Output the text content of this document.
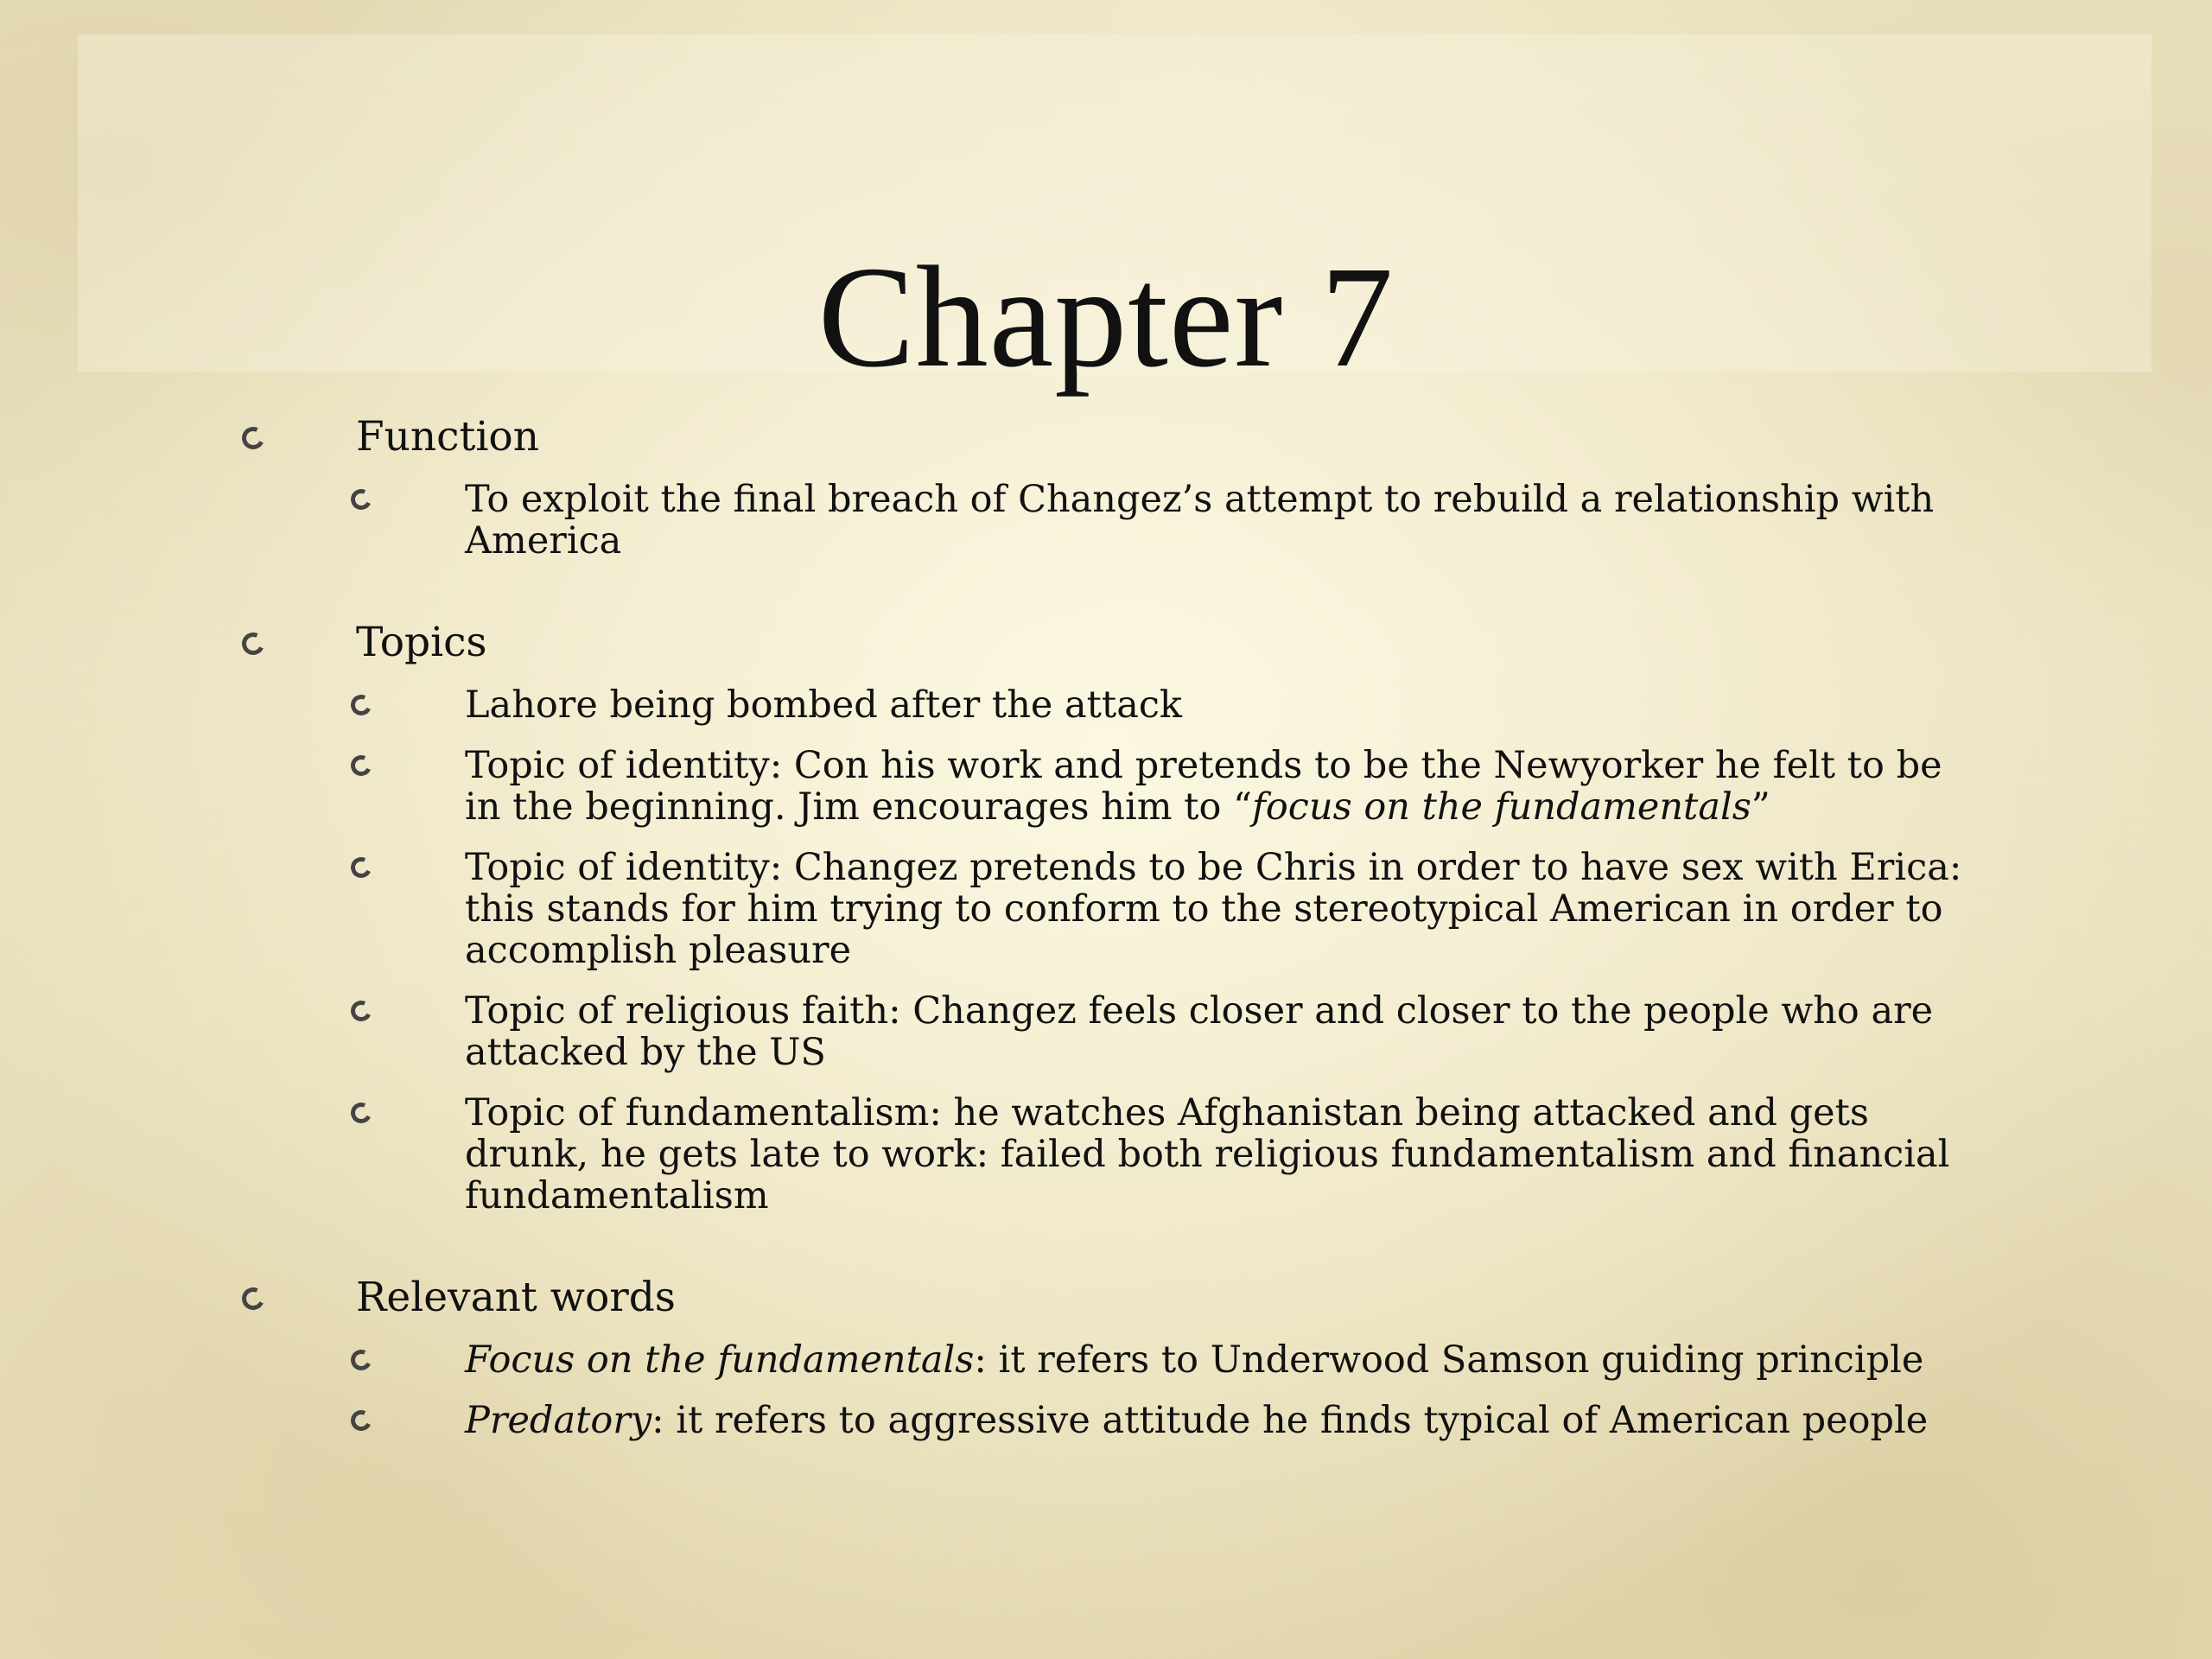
Chapter 7
Function
To exploit the final breach of Changez’s attempt to rebuild a relationship with America
Topics
Lahore being bombed after the attack
Topic of identity: Con his work and pretends to be the Newyorker he felt to be in the beginning. Jim encourages him to “focus on the fundamentals”
Topic of identity: Changez pretends to be Chris in order to have sex with Erica: this stands for him trying to conform to the stereotypical American in order to accomplish pleasure
Topic of religious faith: Changez feels closer and closer to the people who are attacked by the US
Topic of fundamentalism: he watches Afghanistan being attacked and gets drunk, he gets late to work: failed both religious fundamentalism and financial fundamentalism
Relevant words
Focus on the fundamentals: it refers to Underwood Samson guiding principle
Predatory: it refers to aggressive attitude he finds typical of American people
